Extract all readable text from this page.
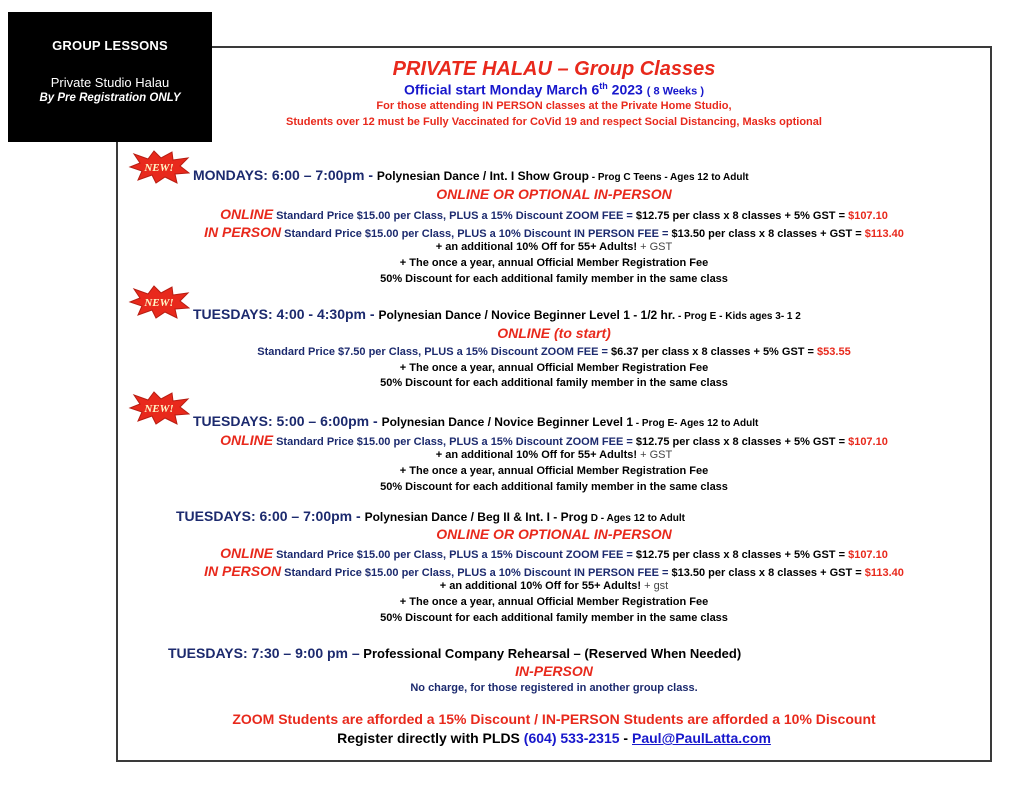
GROUP LESSONS
Private Studio Halau
By Pre Registration ONLY
PRIVATE HALAU – Group Classes
Official start Monday March 6th 2023 ( 8 Weeks )
For those attending IN PERSON classes at the Private Home Studio,
Students over 12 must be Fully Vaccinated for CoVid 19 and respect Social Distancing, Masks optional
NEW!
NEW!
NEW!
MONDAYS: 6:00 – 7:00pm - Polynesian Dance / Int. I Show Group - Prog C Teens - Ages 12 to Adult
ONLINE OR OPTIONAL IN-PERSON
ONLINE Standard Price $15.00 per Class, PLUS a 15% Discount ZOOM FEE = $12.75 per class x 8 classes + 5% GST = $107.10
IN PERSON Standard Price $15.00 per Class, PLUS a 10% Discount IN PERSON FEE = $13.50 per class x 8 classes + GST = $113.40
+ an additional 10% Off for 55+ Adults! + GST
+ The once a year, annual Official Member Registration Fee
50% Discount for each additional family member in the same class
TUESDAYS: 4:00 - 4:30pm - Polynesian Dance / Novice Beginner Level 1 - 1/2 hr. - Prog E - Kids ages 3- 1 2
ONLINE (to start)
Standard Price $7.50 per Class, PLUS a 15% Discount ZOOM FEE = $6.37 per class x 8 classes + 5% GST = $53.55
+ The once a year, annual Official Member Registration Fee
50% Discount for each additional family member in the same class
TUESDAYS: 5:00 – 6:00pm - Polynesian Dance / Novice Beginner Level 1 - Prog E- Ages 12 to Adult
ONLINE Standard Price $15.00 per Class, PLUS a 15% Discount ZOOM FEE = $12.75 per class x 8 classes + 5% GST = $107.10
+ an additional 10% Off for 55+ Adults! + GST
+ The once a year, annual Official Member Registration Fee
50% Discount for each additional family member in the same class
TUESDAYS: 6:00 – 7:00pm - Polynesian Dance / Beg II & Int. I - Prog D - Ages 12 to Adult
ONLINE OR OPTIONAL IN-PERSON
ONLINE Standard Price $15.00 per Class, PLUS a 15% Discount ZOOM FEE = $12.75 per class x 8 classes + 5% GST = $107.10
IN PERSON Standard Price $15.00 per Class, PLUS a 10% Discount IN PERSON FEE = $13.50 per class x 8 classes + GST = $113.40
+ an additional 10% Off for 55+ Adults! + gst
+ The once a year, annual Official Member Registration Fee
50% Discount for each additional family member in the same class
TUESDAYS: 7:30 – 9:00 pm – Professional Company Rehearsal – (Reserved When Needed)
IN-PERSON
No charge, for those registered in another group class.
ZOOM Students are afforded a 15% Discount / IN-PERSON Students are afforded a 10% Discount
Register directly with PLDS (604) 533-2315 - Paul@PaulLatta.com
